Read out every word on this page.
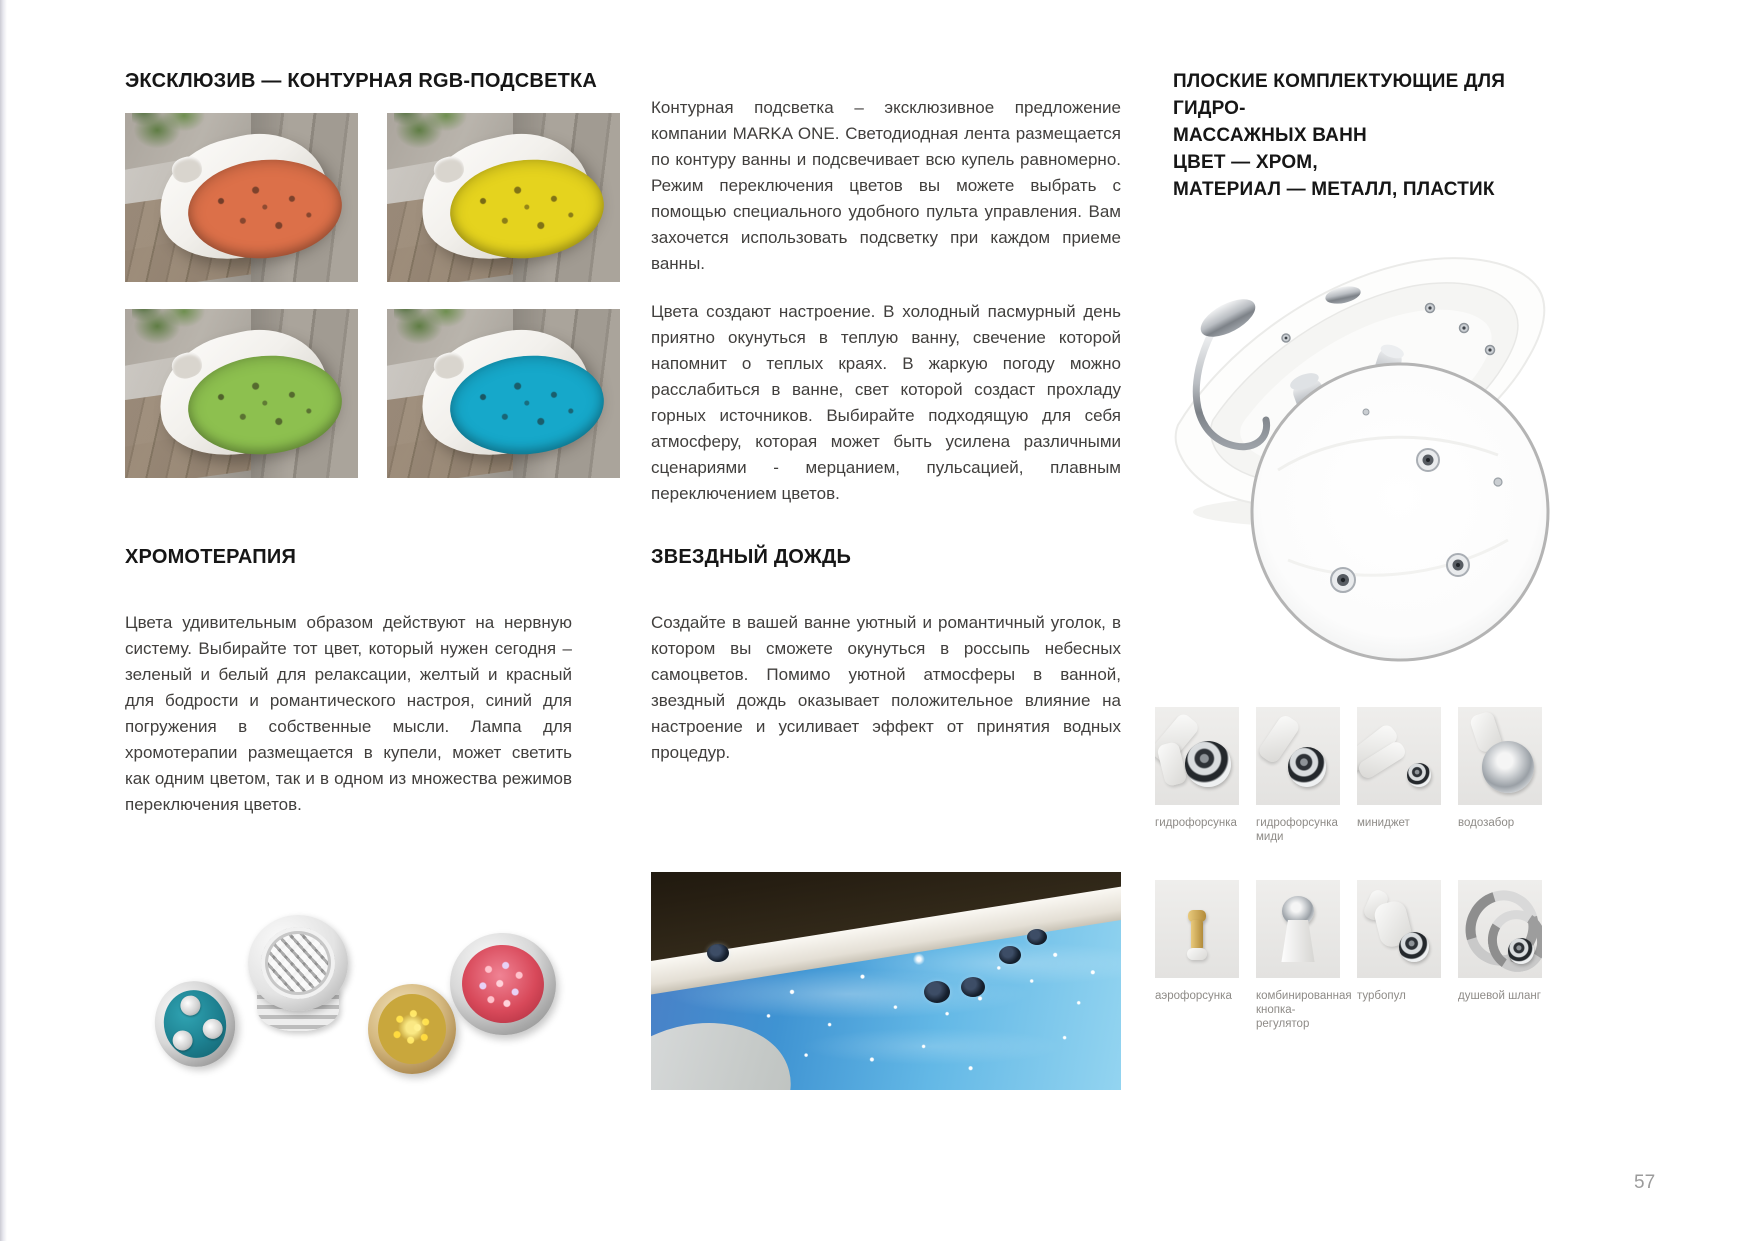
ЭКСКЛЮЗИВ — КОНТУРНАЯ RGB-ПОДСВЕТКА
Контурная подсветка – эксклюзивное предложение компании MARKA ONE. Светодиодная лента размещается по контуру ванны и подсвечивает всю купель равномерно. Режим переключения цветов вы можете выбрать с помощью специального удобного пульта управления. Вам захочется использовать подсветку при каждом приеме ванны.
Цвета создают настроение. В холодный пасмурный день приятно окунуться в теплую ванну, свечение которой напомнит о теплых краях. В жаркую погоду можно расслабиться в ванне, свет которой создаст прохладу горных источников. Выбирайте подходящую для себя атмосферу, которая может быть усилена различными сценариями - мерцанием, пульсацией, плавным переключением цветов.
ПЛОСКИЕ КОМПЛЕКТУЮЩИЕ ДЛЯ ГИДРО-
МАССАЖНЫХ ВАНН
ЦВЕТ — ХРОМ,
МАТЕРИАЛ — МЕТАЛЛ, ПЛАСТИК
ХРОМОТЕРАПИЯ	ЗВЕЗДНЫЙ ДОЖДЬ
Цвета удивительным образом действуют на нервную систему. Выбирайте тот цвет, который нужен сегодня – зеленый и белый для релаксации, желтый и красный для бодрости и романтического настроя, синий для погружения в собственные мысли. Лампа для хромотерапии размещается в купели, может светить как одним цветом, так и в одном из множества режимов переключения цветов.
Создайте в вашей ванне уютный и романтичный уголок, в котором вы сможете окунуться в россыпь небесных самоцветов. Помимо уютной атмосферы в ванной, звездный дождь оказывает положительное влияние на настроение и усиливает эффект от принятия водных процедур.
гидрофорсунка гидрофорсунка миди
миниджет	водозабор
аэрофорсунка	комбинированная кнопка-регулятор
турбопул	душевой шланг
57
